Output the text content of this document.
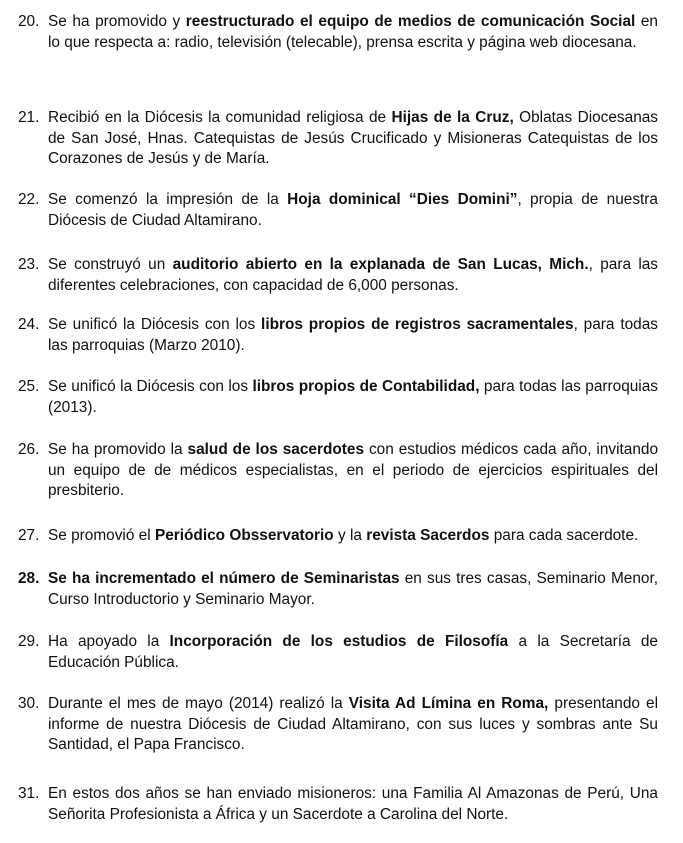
20. Se ha promovido y reestructurado el equipo de medios de comunicación Social en lo que respecta a: radio, televisión (telecable), prensa escrita y página web diocesana.
21. Recibió en la Diócesis la comunidad religiosa de Hijas de la Cruz, Oblatas Diocesanas de San José, Hnas. Catequistas de Jesús Crucificado y Misioneras Catequistas de los Corazones de Jesús y de María.
22. Se comenzó la impresión de la Hoja dominical “Dies Domini”, propia de nuestra Diócesis de Ciudad Altamirano.
23. Se construyó un auditorio abierto en la explanada de San Lucas, Mich., para las diferentes celebraciones, con capacidad de 6,000 personas.
24. Se unificó la Diócesis con los libros propios de registros sacramentales, para todas las parroquias (Marzo 2010).
25. Se unificó la Diócesis con los libros propios de Contabilidad, para todas las parroquias (2013).
26. Se ha promovido la salud de los sacerdotes con estudios médicos cada año, invitando un equipo de de médicos especialistas, en el periodo de ejercicios espirituales del presbiterio.
27. Se promovió el Periódico Obsservatorio y la revista Sacerdos para cada sacerdote.
28. Se ha incrementado el número de Seminaristas en sus tres casas, Seminario Menor, Curso Introductorio y Seminario Mayor.
29. Ha apoyado la Incorporación de los estudios de Filosofía a la Secretaría de Educación Pública.
30. Durante el mes de mayo (2014) realizó la Visita Ad Límina en Roma, presentando el informe de nuestra Diócesis de Ciudad Altamirano, con sus luces y sombras ante Su Santidad, el Papa Francisco.
31. En estos dos años se han enviado misioneros: una Familia Al Amazonas de Perú, Una Señorita Profesionista a África y un Sacerdote a Carolina del Norte.
